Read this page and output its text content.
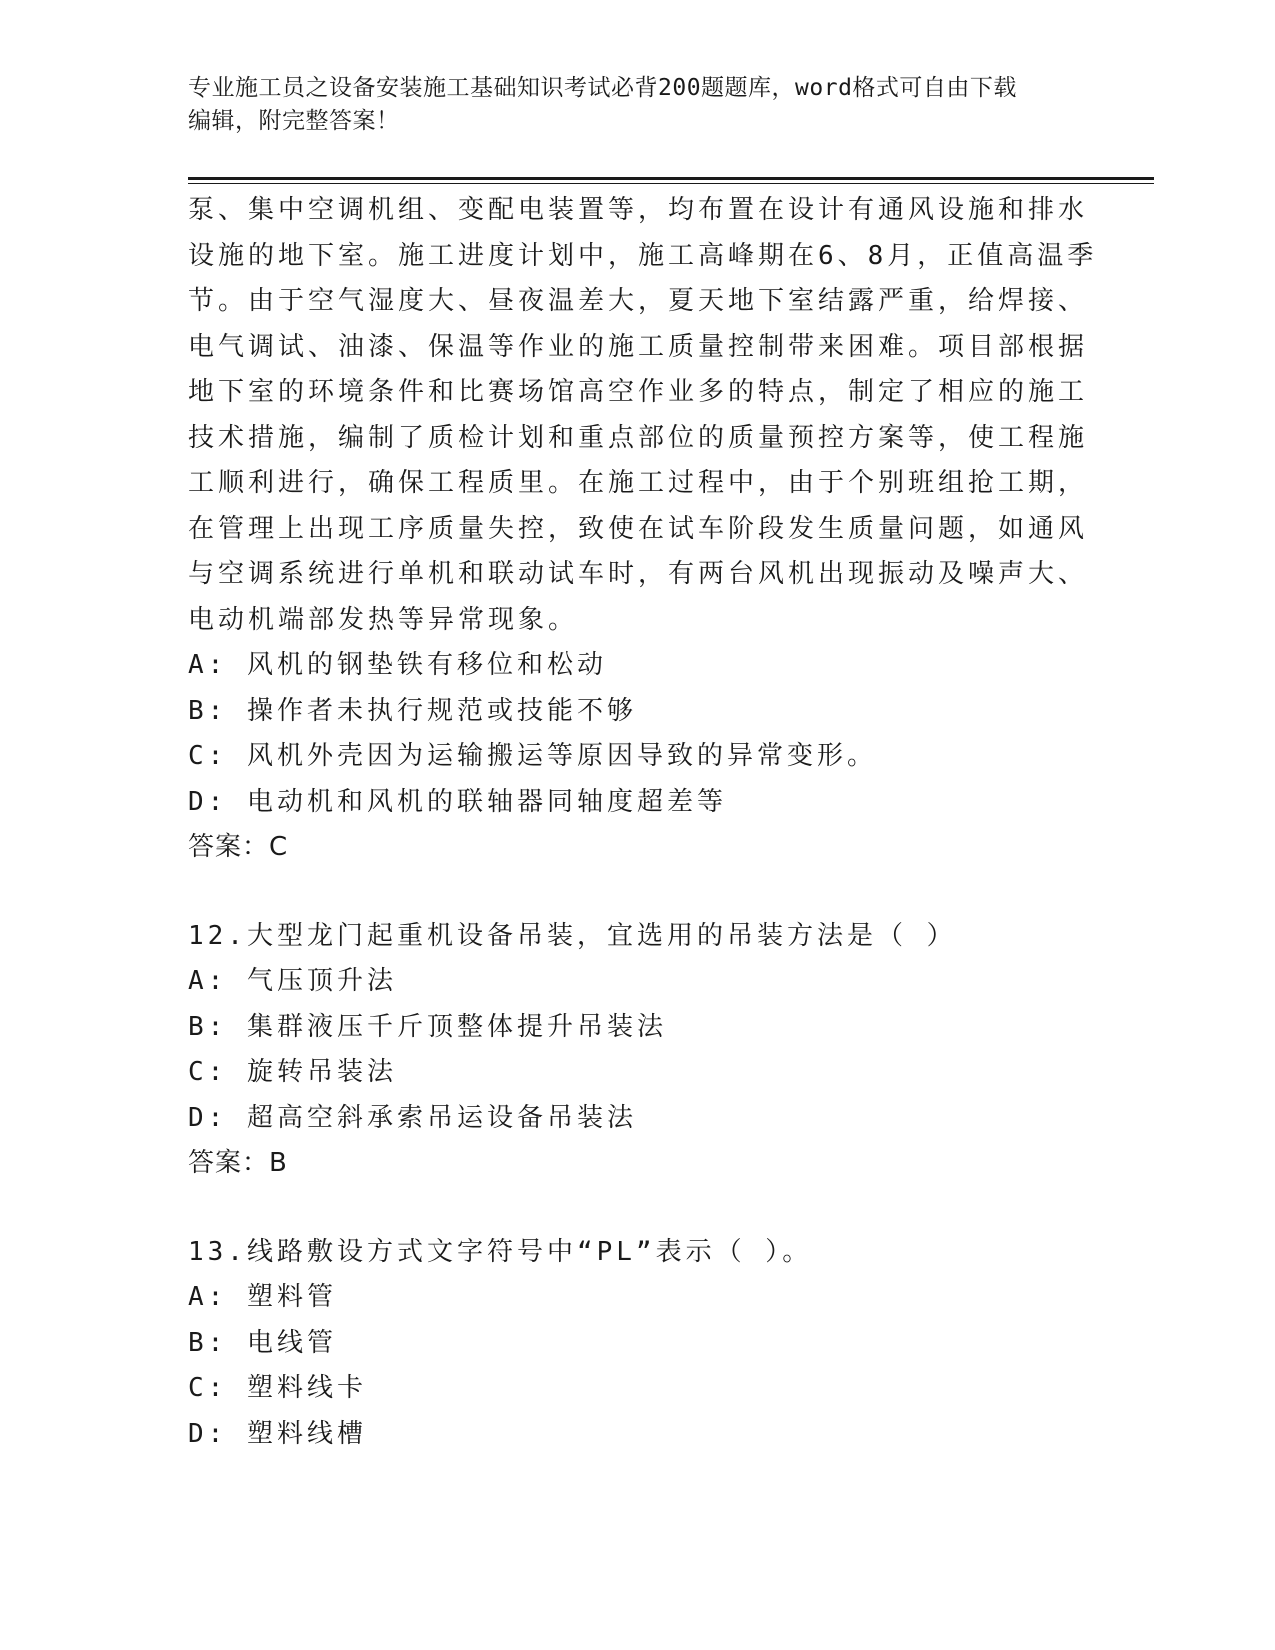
专业施工员之设备安装施工基础知识考试必背200题题库，word格式可自由下载
编辑，附完整答案！
泵、集中空调机组、变配电装置等，均布置在设计有通风设施和排水
设施的地下室。施工进度计划中，施工高峰期在6、8月，正值高温季
节。由于空气湿度大、昼夜温差大，夏天地下室结露严重，给焊接、
电气调试、油漆、保温等作业的施工质量控制带来困难。项目部根据
地下室的环境条件和比赛场馆高空作业多的特点，制定了相应的施工
技术措施，编制了质检计划和重点部位的质量预控方案等，使工程施
工顺利进行，确保工程质里。在施工过程中，由于个别班组抢工期，
在管理上出现工序质量失控，致使在试车阶段发生质量问题，如通风
与空调系统进行单机和联动试车时，有两台风机出现振动及噪声大、
电动机端部发热等异常现象。
A: 风机的钢垫铁有移位和松动
B: 操作者未执行规范或技能不够
C: 风机外壳因为运输搬运等原因导致的异常变形。
D: 电动机和风机的联轴器同轴度超差等
答案：C
12.大型龙门起重机设备吊装，宜选用的吊装方法是（ ）
A: 气压顶升法
B: 集群液压千斤顶整体提升吊装法
C: 旋转吊装法
D: 超高空斜承索吊运设备吊装法
答案：B
13.线路敷设方式文字符号中“PL”表示（ ）。
A: 塑料管
B: 电线管
C: 塑料线卡
D: 塑料线槽
